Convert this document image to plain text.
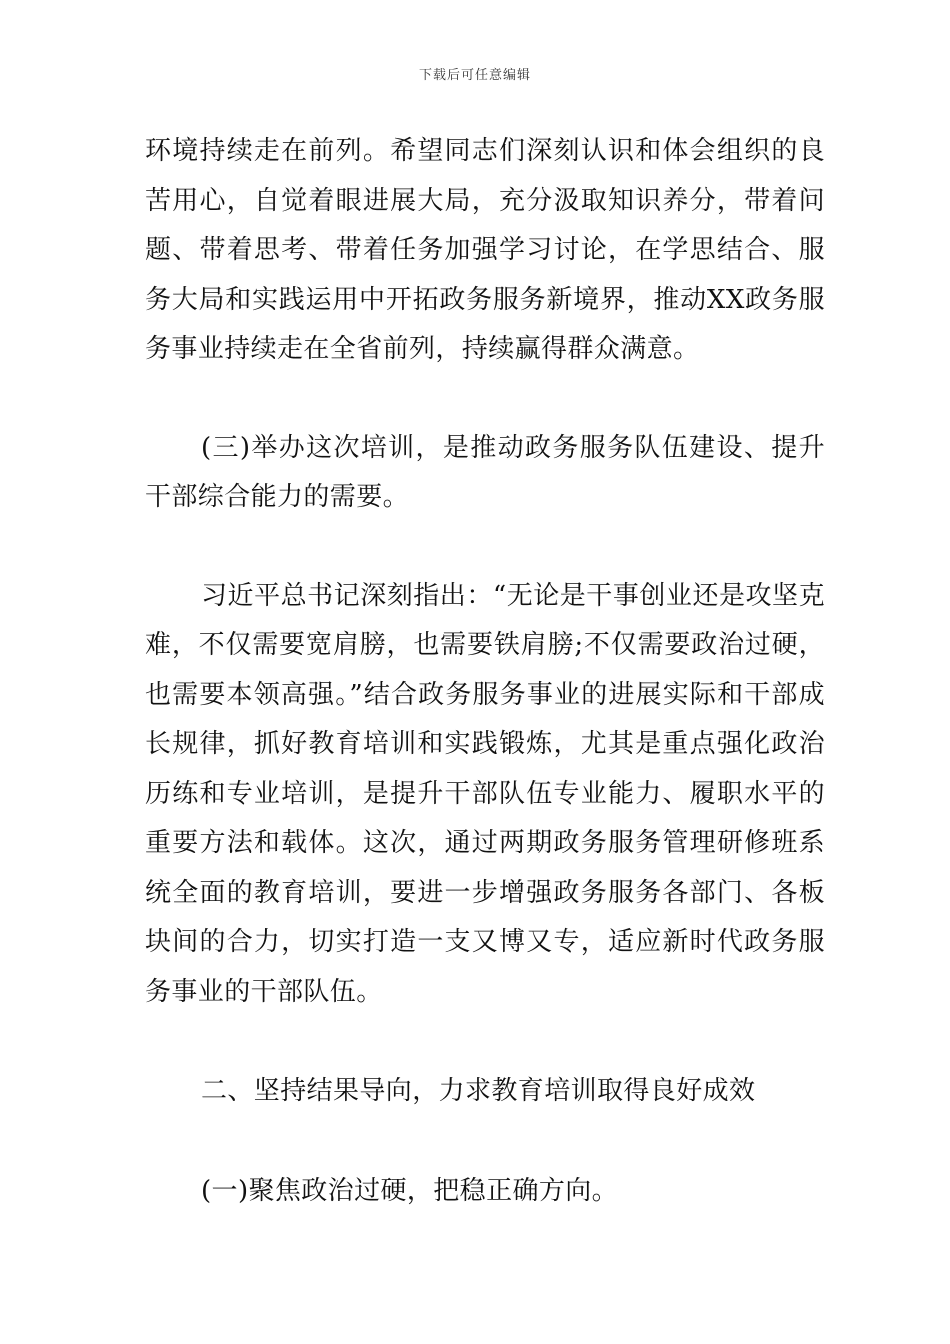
下载后可任意编辑

环境持续走在前列。希望同志们深刻认识和体会组织的良苦用心，自觉着眼进展大局，充分汲取知识养分，带着问题、带着思考、带着任务加强学习讨论，在学思结合、服务大局和实践运用中开拓政务服务新境界，推动XX政务服务事业持续走在全省前列，持续赢得群众满意。

(三)举办这次培训，是推动政务服务队伍建设、提升干部综合能力的需要。

习近平总书记深刻指出：“无论是干事创业还是攻坚克难，不仅需要宽肩膀，也需要铁肩膀;不仅需要政治过硬，也需要本领高强。”结合政务服务事业的进展实际和干部成长规律，抓好教育培训和实践锻炼，尤其是重点强化政治历练和专业培训，是提升干部队伍专业能力、履职水平的重要方法和载体。这次，通过两期政务服务管理研修班系统全面的教育培训，要进一步增强政务服务各部门、各板块间的合力，切实打造一支又博又专，适应新时代政务服务事业的干部队伍。

二、坚持结果导向，力求教育培训取得良好成效

(一)聚焦政治过硬，把稳正确方向。
